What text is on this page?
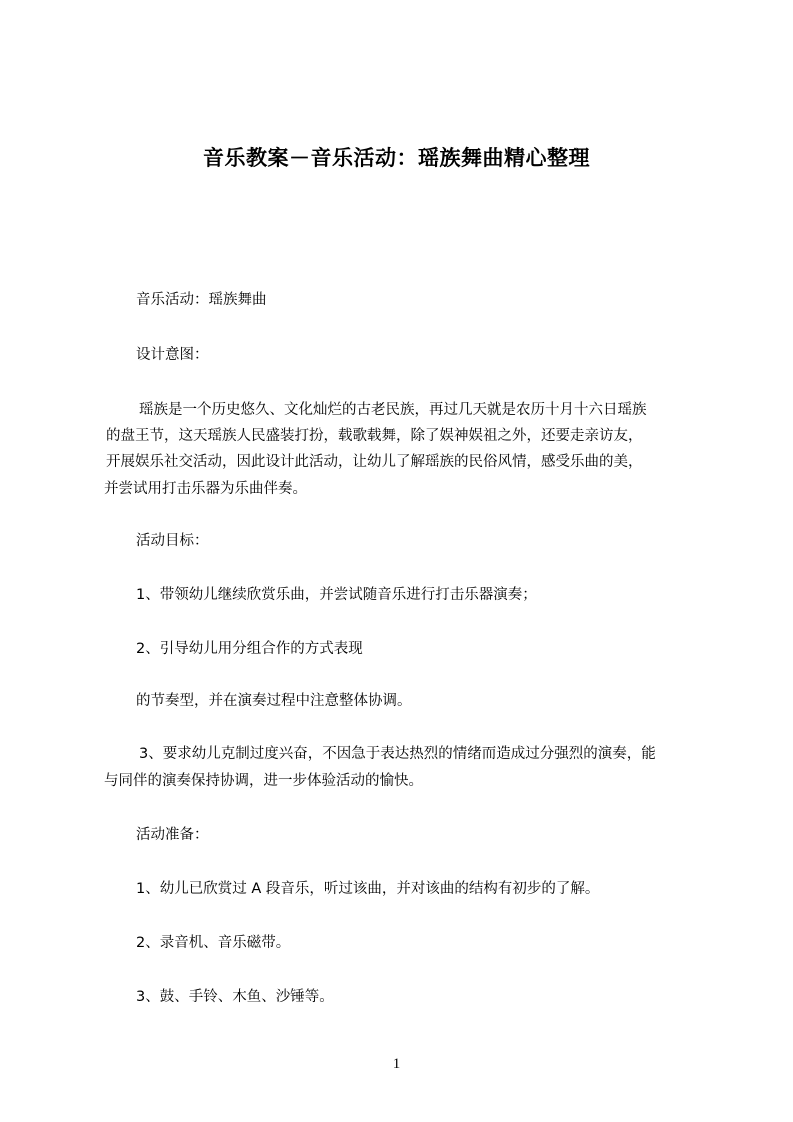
音乐教案－音乐活动：瑶族舞曲精心整理
音乐活动：瑶族舞曲
设计意图：
瑶族是一个历史悠久、文化灿烂的古老民族，再过几天就是农历十月十六日瑶族
的盘王节，这天瑶族人民盛装打扮，载歌载舞，除了娱神娱祖之外，还要走亲访友，
开展娱乐社交活动，因此设计此活动，让幼儿了解瑶族的民俗风情，感受乐曲的美，
并尝试用打击乐器为乐曲伴奏。
活动目标：
1、带领幼儿继续欣赏乐曲，并尝试随音乐进行打击乐器演奏；
2、引导幼儿用分组合作的方式表现
的节奏型，并在演奏过程中注意整体协调。
3、要求幼儿克制过度兴奋，不因急于表达热烈的情绪而造成过分强烈的演奏，能
与同伴的演奏保持协调，进一步体验活动的愉快。
活动准备：
1、幼儿已欣赏过 A 段音乐，听过该曲，并对该曲的结构有初步的了解。
2、录音机、音乐磁带。
3、鼓、手铃、木鱼、沙锤等。
1
